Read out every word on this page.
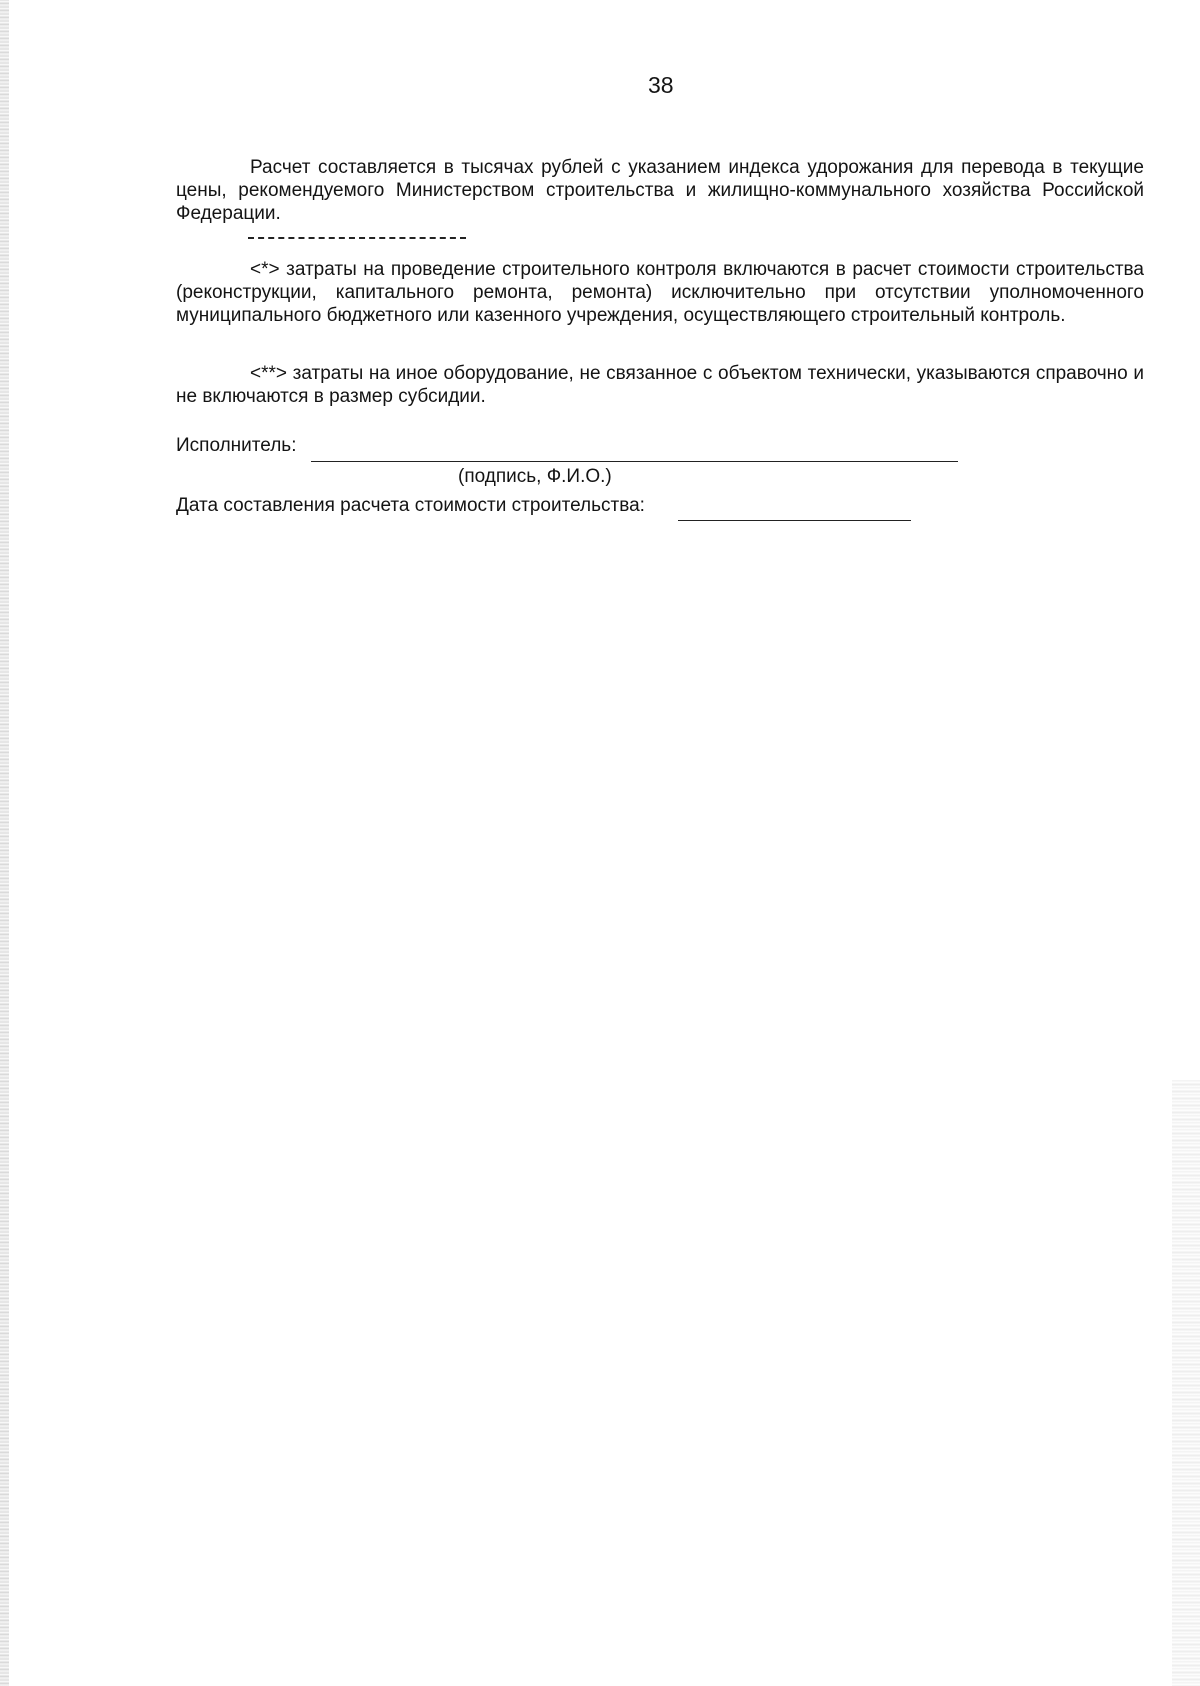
38
Расчет составляется в тысячах рублей с указанием индекса удорожания для перевода в текущие цены, рекомендуемого Министерством строительства и жилищно-коммунального хозяйства Российской Федерации.
<*> затраты на проведение строительного контроля включаются в расчет стоимости строительства (реконструкции, капитального ремонта, ремонта) исключительно при отсутствии уполномоченного муниципального бюджетного или казенного учреждения, осуществляющего строительный контроль.
<**> затраты на иное оборудование, не связанное с объектом технически, указываются справочно и не включаются в размер субсидии.
Исполнитель:
(подпись, Ф.И.О.)
Дата составления расчета стоимости строительства:
